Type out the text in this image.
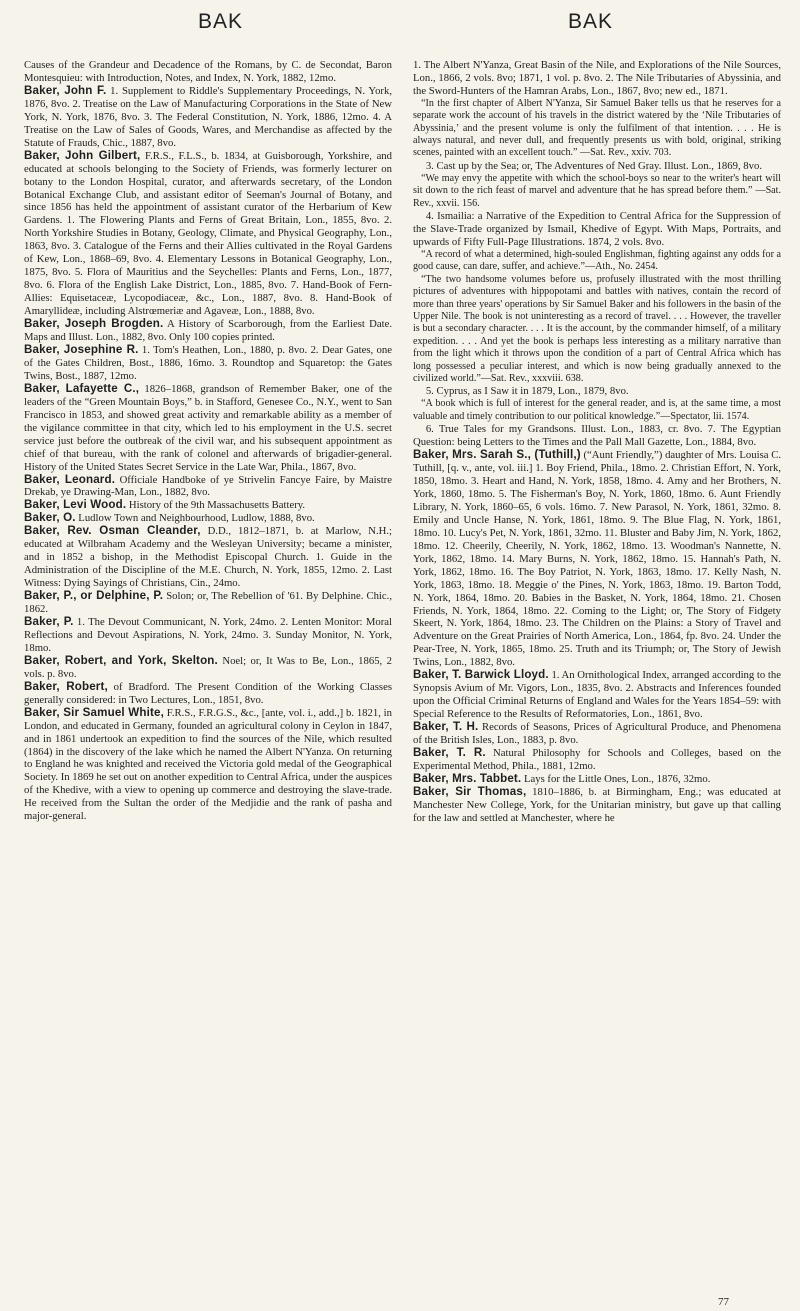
BAK	BAK

Causes of the Grandeur and Decadence of the Romans, by C. de Secondat, Baron Montesquieu: with Introduction, Notes, and Index, N. York, 1882, 12mo.

Baker, John F. 1. Supplement to Riddle's Supplementary Proceedings, N. York, 1876, 8vo. 2. Treatise on the Law of Manufacturing Corporations in the State of New York, N. York, 1876, 8vo. 3. The Federal Constitution, N. York, 1886, 12mo. 4. A Treatise on the Law of Sales of Goods, Wares, and Merchandise as affected by the Statute of Frauds, Chic., 1887, 8vo.

Baker, John Gilbert, F.R.S., F.L.S., b. 1834, at Guisborough, Yorkshire, and educated at schools belonging to the Society of Friends, was formerly lecturer on botany to the London Hospital, curator, and afterwards secretary, of the London Botanical Exchange Club, and assistant editor of Seeman's Journal of Botany, and since 1856 has held the appointment of assistant curator of the Herbarium of Kew Gardens. 1. The Flowering Plants and Ferns of Great Britain, Lon., 1855, 8vo. 2. North Yorkshire Studies in Botany, Geology, Climate, and Physical Geography, Lon., 1863, 8vo. 3. Catalogue of the Ferns and their Allies cultivated in the Royal Gardens of Kew, Lon., 1868–69, 8vo. 4. Elementary Lessons in Botanical Geography, Lon., 1875, 8vo. 5. Flora of Mauritius and the Seychelles: Plants and Ferns, Lon., 1877, 8vo. 6. Flora of the English Lake District, Lon., 1885, 8vo. 7. Hand-Book of Fern-Allies: Equisetaceæ, Lycopodiaceæ, &c., Lon., 1887, 8vo. 8. Hand-Book of Amaryllideæ, including Alstrœmeriæ and Agaveæ, Lon., 1888, 8vo.

Baker, Joseph Brogden. A History of Scarborough, from the Earliest Date. Maps and Illust. Lon., 1882, 8vo. Only 100 copies printed.

Baker, Josephine R. 1. Tom's Heathen, Lon., 1880, p. 8vo. 2. Dear Gates, one of the Gates Children, Bost., 1886, 16mo. 3. Roundtop and Squaretop: the Gates Twins, Bost., 1887, 12mo.

Baker, Lafayette C., 1826–1868, grandson of Remember Baker, one of the leaders of the “Green Mountain Boys,” b. in Stafford, Genesee Co., N.Y., went to San Francisco in 1853, and showed great activity and remarkable ability as a member of the vigilance committee in that city, which led to his employment in the U.S. secret service just before the outbreak of the civil war, and his subsequent appointment as chief of that bureau, with the rank of colonel and afterwards of brigadier-general. History of the United States Secret Service in the Late War, Phila., 1867, 8vo.

Baker, Leonard. Officiale Handboke of ye Strivelin Fancye Faire, by Maistre Drekab, ye Drawing-Man, Lon., 1882, 8vo.

Baker, Levi Wood. History of the 9th Massachusetts Battery.

Baker, O. Ludlow Town and Neighbourhood, Ludlow, 1888, 8vo.

Baker, Rev. Osman Cleander, D.D., 1812–1871, b. at Marlow, N.H.; educated at Wilbraham Academy and the Wesleyan University; became a minister, and in 1852 a bishop, in the Methodist Episcopal Church. 1. Guide in the Administration of the Discipline of the M.E. Church, N. York, 1855, 12mo. 2. Last Witness: Dying Sayings of Christians, Cin., 24mo.

Baker, P., or Delphine, P. Solon; or, The Rebellion of '61. By Delphine. Chic., 1862.

Baker, P. 1. The Devout Communicant, N. York, 24mo. 2. Lenten Monitor: Moral Reflections and Devout Aspirations, N. York, 24mo. 3. Sunday Monitor, N. York, 18mo.

Baker, Robert, and York, Skelton. Noel; or, It Was to Be, Lon., 1865, 2 vols. p. 8vo.

Baker, Robert, of Bradford. The Present Condition of the Working Classes generally considered: in Two Lectures, Lon., 1851, 8vo.

Baker, Sir Samuel White, F.R.S., F.R.G.S., &c., [ante, vol. i., add.,] b. 1821, in London, and educated in Germany, founded an agricultural colony in Ceylon in 1847, and in 1861 undertook an expedition to find the sources of the Nile, which resulted (1864) in the discovery of the lake which he named the Albert N'Yanza. On returning to England he was knighted and received the Victoria gold medal of the Geographical Society. In 1869 he set out on another expedition to Central Africa, under the auspices of the Khedive, with a view to opening up commerce and destroying the slave-trade. He received from the Sultan the order of the Medjidie and the rank of pasha and major-general.

1. The Albert N'Yanza, Great Basin of the Nile, and Explorations of the Nile Sources, Lon., 1866, 2 vols. 8vo; 1871, 1 vol. p. 8vo. 2. The Nile Tributaries of Abyssinia, and the Sword-Hunters of the Hamran Arabs, Lon., 1867, 8vo; new ed., 1871.

“In the first chapter of Albert N'Yanza, Sir Samuel Baker tells us that he reserves for a separate work the account of his travels in the district watered by the ‘Nile Tributaries of Abyssinia,’ and the present volume is only the fulfilment of that intention. . . . He is always natural, and never dull, and frequently presents us with bold, original, striking scenes, painted with an excellent touch.” —Sat. Rev., xxiv. 703.

3. Cast up by the Sea; or, The Adventures of Ned Gray. Illust. Lon., 1869, 8vo.

“We may envy the appetite with which the school-boys so near to the writer's heart will sit down to the rich feast of marvel and adventure that he has spread before them.” —Sat. Rev., xxvii. 156.

4. Ismailia: a Narrative of the Expedition to Central Africa for the Suppression of the Slave-Trade organized by Ismail, Khedive of Egypt. With Maps, Portraits, and upwards of Fifty Full-Page Illustrations. 1874, 2 vols. 8vo.

“A record of what a determined, high-souled Englishman, fighting against any odds for a good cause, can dare, suffer, and achieve.”—Ath., No. 2454.

“The two handsome volumes before us, profusely illustrated with the most thrilling pictures of adventures with hippopotami and battles with natives, contain the record of more than three years' operations by Sir Samuel Baker and his followers in the basin of the Upper Nile. The book is not uninteresting as a record of travel. . . . However, the traveller is but a secondary character. . . . It is the account, by the commander himself, of a military expedition. . . . And yet the book is perhaps less interesting as a military narrative than from the light which it throws upon the condition of a part of Central Africa which has long possessed a peculiar interest, and which is now being gradually annexed to the civilized world.”—Sat. Rev., xxxviii. 638.

5. Cyprus, as I Saw it in 1879, Lon., 1879, 8vo.

“A book which is full of interest for the general reader, and is, at the same time, a most valuable and timely contribution to our political knowledge.”—Spectator, lii. 1574.

6. True Tales for my Grandsons. Illust. Lon., 1883, cr. 8vo. 7. The Egyptian Question: being Letters to the Times and the Pall Mall Gazette, Lon., 1884, 8vo.

Baker, Mrs. Sarah S., (Tuthill,) (“Aunt Friendly,”) daughter of Mrs. Louisa C. Tuthill, [q. v., ante, vol. iii.] 1. Boy Friend, Phila., 18mo. 2. Christian Effort, N. York, 1850, 18mo. 3. Heart and Hand, N. York, 1858, 18mo. 4. Amy and her Brothers, N. York, 1860, 18mo. 5. The Fisherman's Boy, N. York, 1860, 18mo. 6. Aunt Friendly Library, N. York, 1860–65, 6 vols. 16mo. 7. New Parasol, N. York, 1861, 32mo. 8. Emily and Uncle Hanse, N. York, 1861, 18mo. 9. The Blue Flag, N. York, 1861, 18mo. 10. Lucy's Pet, N. York, 1861, 32mo. 11. Bluster and Baby Jim, N. York, 1862, 18mo. 12. Cheerily, Cheerily, N. York, 1862, 18mo. 13. Woodman's Nannette, N. York, 1862, 18mo. 14. Mary Burns, N. York, 1862, 18mo. 15. Hannah's Path, N. York, 1862, 18mo. 16. The Boy Patriot, N. York, 1863, 18mo. 17. Kelly Nash, N. York, 1863, 18mo. 18. Meggie o' the Pines, N. York, 1863, 18mo. 19. Barton Todd, N. York, 1864, 18mo. 20. Babies in the Basket, N. York, 1864, 18mo. 21. Chosen Friends, N. York, 1864, 18mo. 22. Coming to the Light; or, The Story of Fidgety Skeert, N. York, 1864, 18mo. 23. The Children on the Plains: a Story of Travel and Adventure on the Great Prairies of North America, Lon., 1864, fp. 8vo. 24. Under the Pear-Tree, N. York, 1865, 18mo. 25. Truth and its Triumph; or, The Story of Jewish Twins, Lon., 1882, 8vo.

Baker, T. Barwick Lloyd. 1. An Ornithological Index, arranged according to the Synopsis Avium of Mr. Vigors, Lon., 1835, 8vo. 2. Abstracts and Inferences founded upon the Official Criminal Returns of England and Wales for the Years 1854–59: with Special Reference to the Results of Reformatories, Lon., 1861, 8vo.

Baker, T. H. Records of Seasons, Prices of Agricultural Produce, and Phenomena of the British Isles, Lon., 1883, p. 8vo.

Baker, T. R. Natural Philosophy for Schools and Colleges, based on the Experimental Method, Phila., 1881, 12mo.

Baker, Mrs. Tabbet. Lays for the Little Ones, Lon., 1876, 32mo.

Baker, Sir Thomas, 1810–1886, b. at Birmingham, Eng.; was educated at Manchester New College, York, for the Unitarian ministry, but gave up that calling for the law and settled at Manchester, where he

77
